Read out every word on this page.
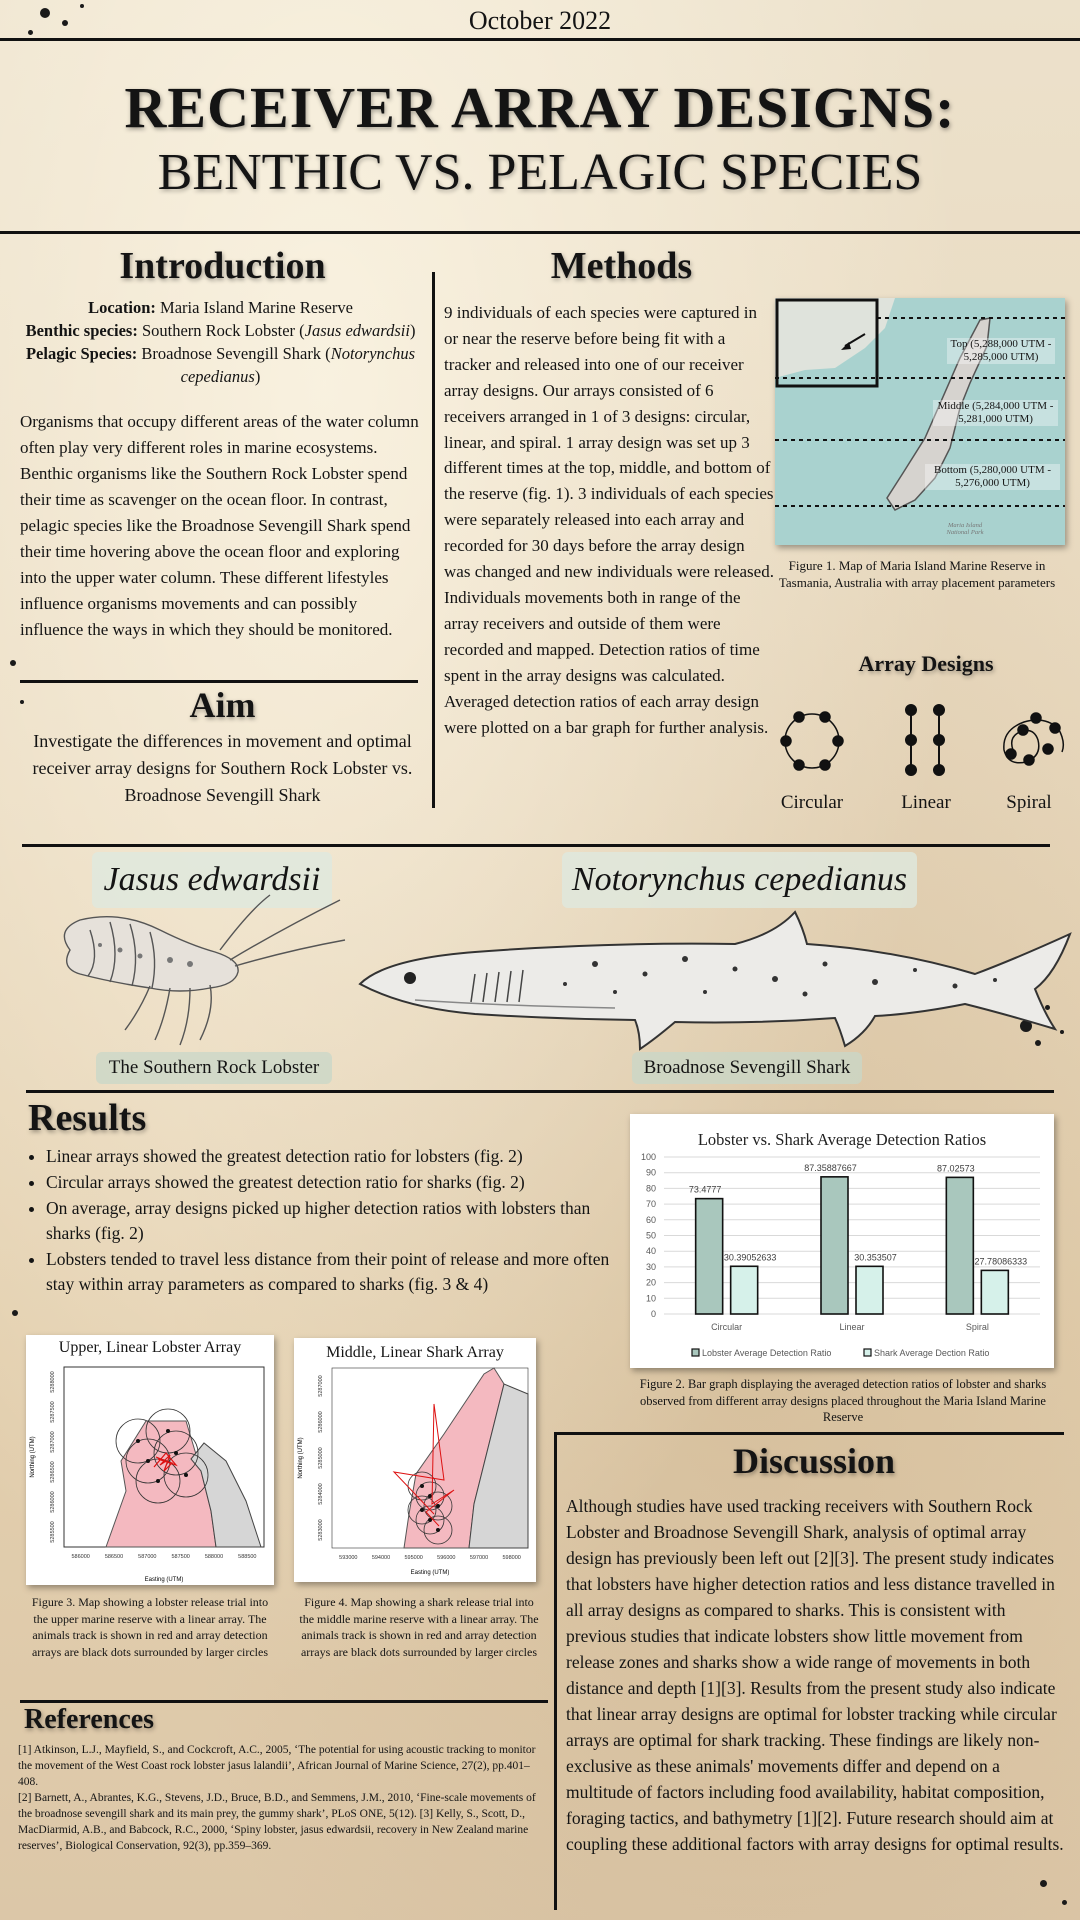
October 2022
RECEIVER ARRAY DESIGNS:
BENTHIC VS. PELAGIC SPECIES
Introduction
Location: Maria Island Marine Reserve
Benthic species: Southern Rock Lobster (Jasus edwardsii)
Pelagic Species: Broadnose Sevengill Shark (Notorynchus cepedianus)
Organisms that occupy different areas of the water column often play very different roles in marine ecosystems. Benthic organisms like the Southern Rock Lobster spend their time as scavenger on the ocean floor. In contrast, pelagic species like the Broadnose Sevengill Shark spend their time hovering above the ocean floor and exploring into the upper water column. These different lifestyles influence organisms movements and can possibly influence the ways in which they should be monitored.
Aim
Investigate the differences in movement and optimal receiver array designs for Southern Rock Lobster vs. Broadnose Sevengill Shark
Methods
9 individuals of each species were captured in or near the reserve before being fit with a tracker and released into one of our receiver array designs. Our arrays consisted of 6 receivers arranged in 1 of 3 designs: circular, linear, and spiral. 1 array design was set up 3 different times at the top, middle, and bottom of the reserve (fig. 1). 3 individuals of each species were separately released into each array and recorded for 30 days before the array design was changed and new individuals were released. Individuals movements both in range of the array receivers and outside of them were recorded and mapped. Detection ratios of time spent in the array designs was calculated. Averaged detection ratios of each array design were plotted on a bar graph for further analysis.
Top (5,288,000 UTM - 5,285,000 UTM)
Middle (5,284,000 UTM - 5,281,000 UTM)
Bottom (5,280,000 UTM - 5,276,000 UTM)
Maria Island National Park
Figure 1. Map of Maria Island Marine Reserve in Tasmania, Australia with array placement parameters
Array Designs
Circular	Linear	Spiral
Jasus edwardsii	Notorynchus cepedianus
The Southern Rock Lobster	Broadnose Sevengill Shark
Results
• Linear arrays showed the greatest detection ratio for lobsters (fig. 2)
• Circular arrays showed the greatest detection ratio for sharks (fig. 2)
• On average, array designs picked up higher detection ratios with lobsters than sharks (fig. 2)
• Lobsters tended to travel less distance from their point of release and more often stay within array parameters as compared to sharks (fig. 3 & 4)
Lobster vs. Shark Average Detection Ratios
0
10
20
30
40
50
60
70
80
90
100
73.4777
30.39052633
Circular
87.35887667
30.353507
Linear
87.02573
27.78086333
Spiral
Lobster Average Detection Ratio	Shark Average Dection Ratio
Figure 2. Bar graph displaying the averaged detection ratios of lobster and sharks observed from different array designs placed throughout the Maria Island Marine Reserve
Upper, Linear Lobster Array
5288000
5287500
5287000
5286500
5286000
5285500
586000	586500	587000	587500	588000	588500
Easting (UTM)
Northing (UTM)
Figure 3. Map showing a lobster release trial into the upper marine reserve with a linear array. The animals track is shown in red and array detection arrays are black dots surrounded by larger circles
Middle, Linear Shark Array
5287000
5286000
5285000
5284000
5283000
593000	594000	595000	596000	597000	598000
Easting (UTM)
Northing (UTM)
Figure 4. Map showing a shark release trial into the middle marine reserve with a linear array. The animals track is shown in red and array detection arrays are black dots surrounded by larger circles
Discussion
Although studies have used tracking receivers with Southern Rock Lobster and Broadnose Sevengill Shark, analysis of optimal array design has previously been left out [2][3]. The present study indicates that lobsters have higher detection ratios and less distance travelled in all array designs as compared to sharks. This is consistent with previous studies that indicate lobsters show little movement from release zones and sharks show a wide range of movements in both distance and depth [1][3]. Results from the present study also indicate that linear array designs are optimal for lobster tracking while circular arrays are optimal for shark tracking. These findings are likely non-exclusive as these animals' movements differ and depend on a multitude of factors including food availability, habitat composition, foraging tactics, and bathymetry [1][2]. Future research should aim at coupling these additional factors with array designs for optimal results.
References

[1] Atkinson, L.J., Mayfield, S., and Cockcroft, A.C., 2005, ‘The potential for using acoustic tracking to monitor the movement of the West Coast rock lobster jasus lalandii’, African Journal of Marine Science, 27(2), pp.401–408.

[2] Barnett, A., Abrantes, K.G., Stevens, J.D., Bruce, B.D., and Semmens, J.M., 2010, ‘Fine-scale movements of the broadnose sevengill shark and its main prey, the gummy shark’, PLoS ONE, 5(12). [3] Kelly, S., Scott, D., MacDiarmid, A.B., and Babcock, R.C., 2000, ‘Spiny lobster, jasus edwardsii, recovery in New Zealand marine reserves’, Biological Conservation, 92(3), pp.359–369.
